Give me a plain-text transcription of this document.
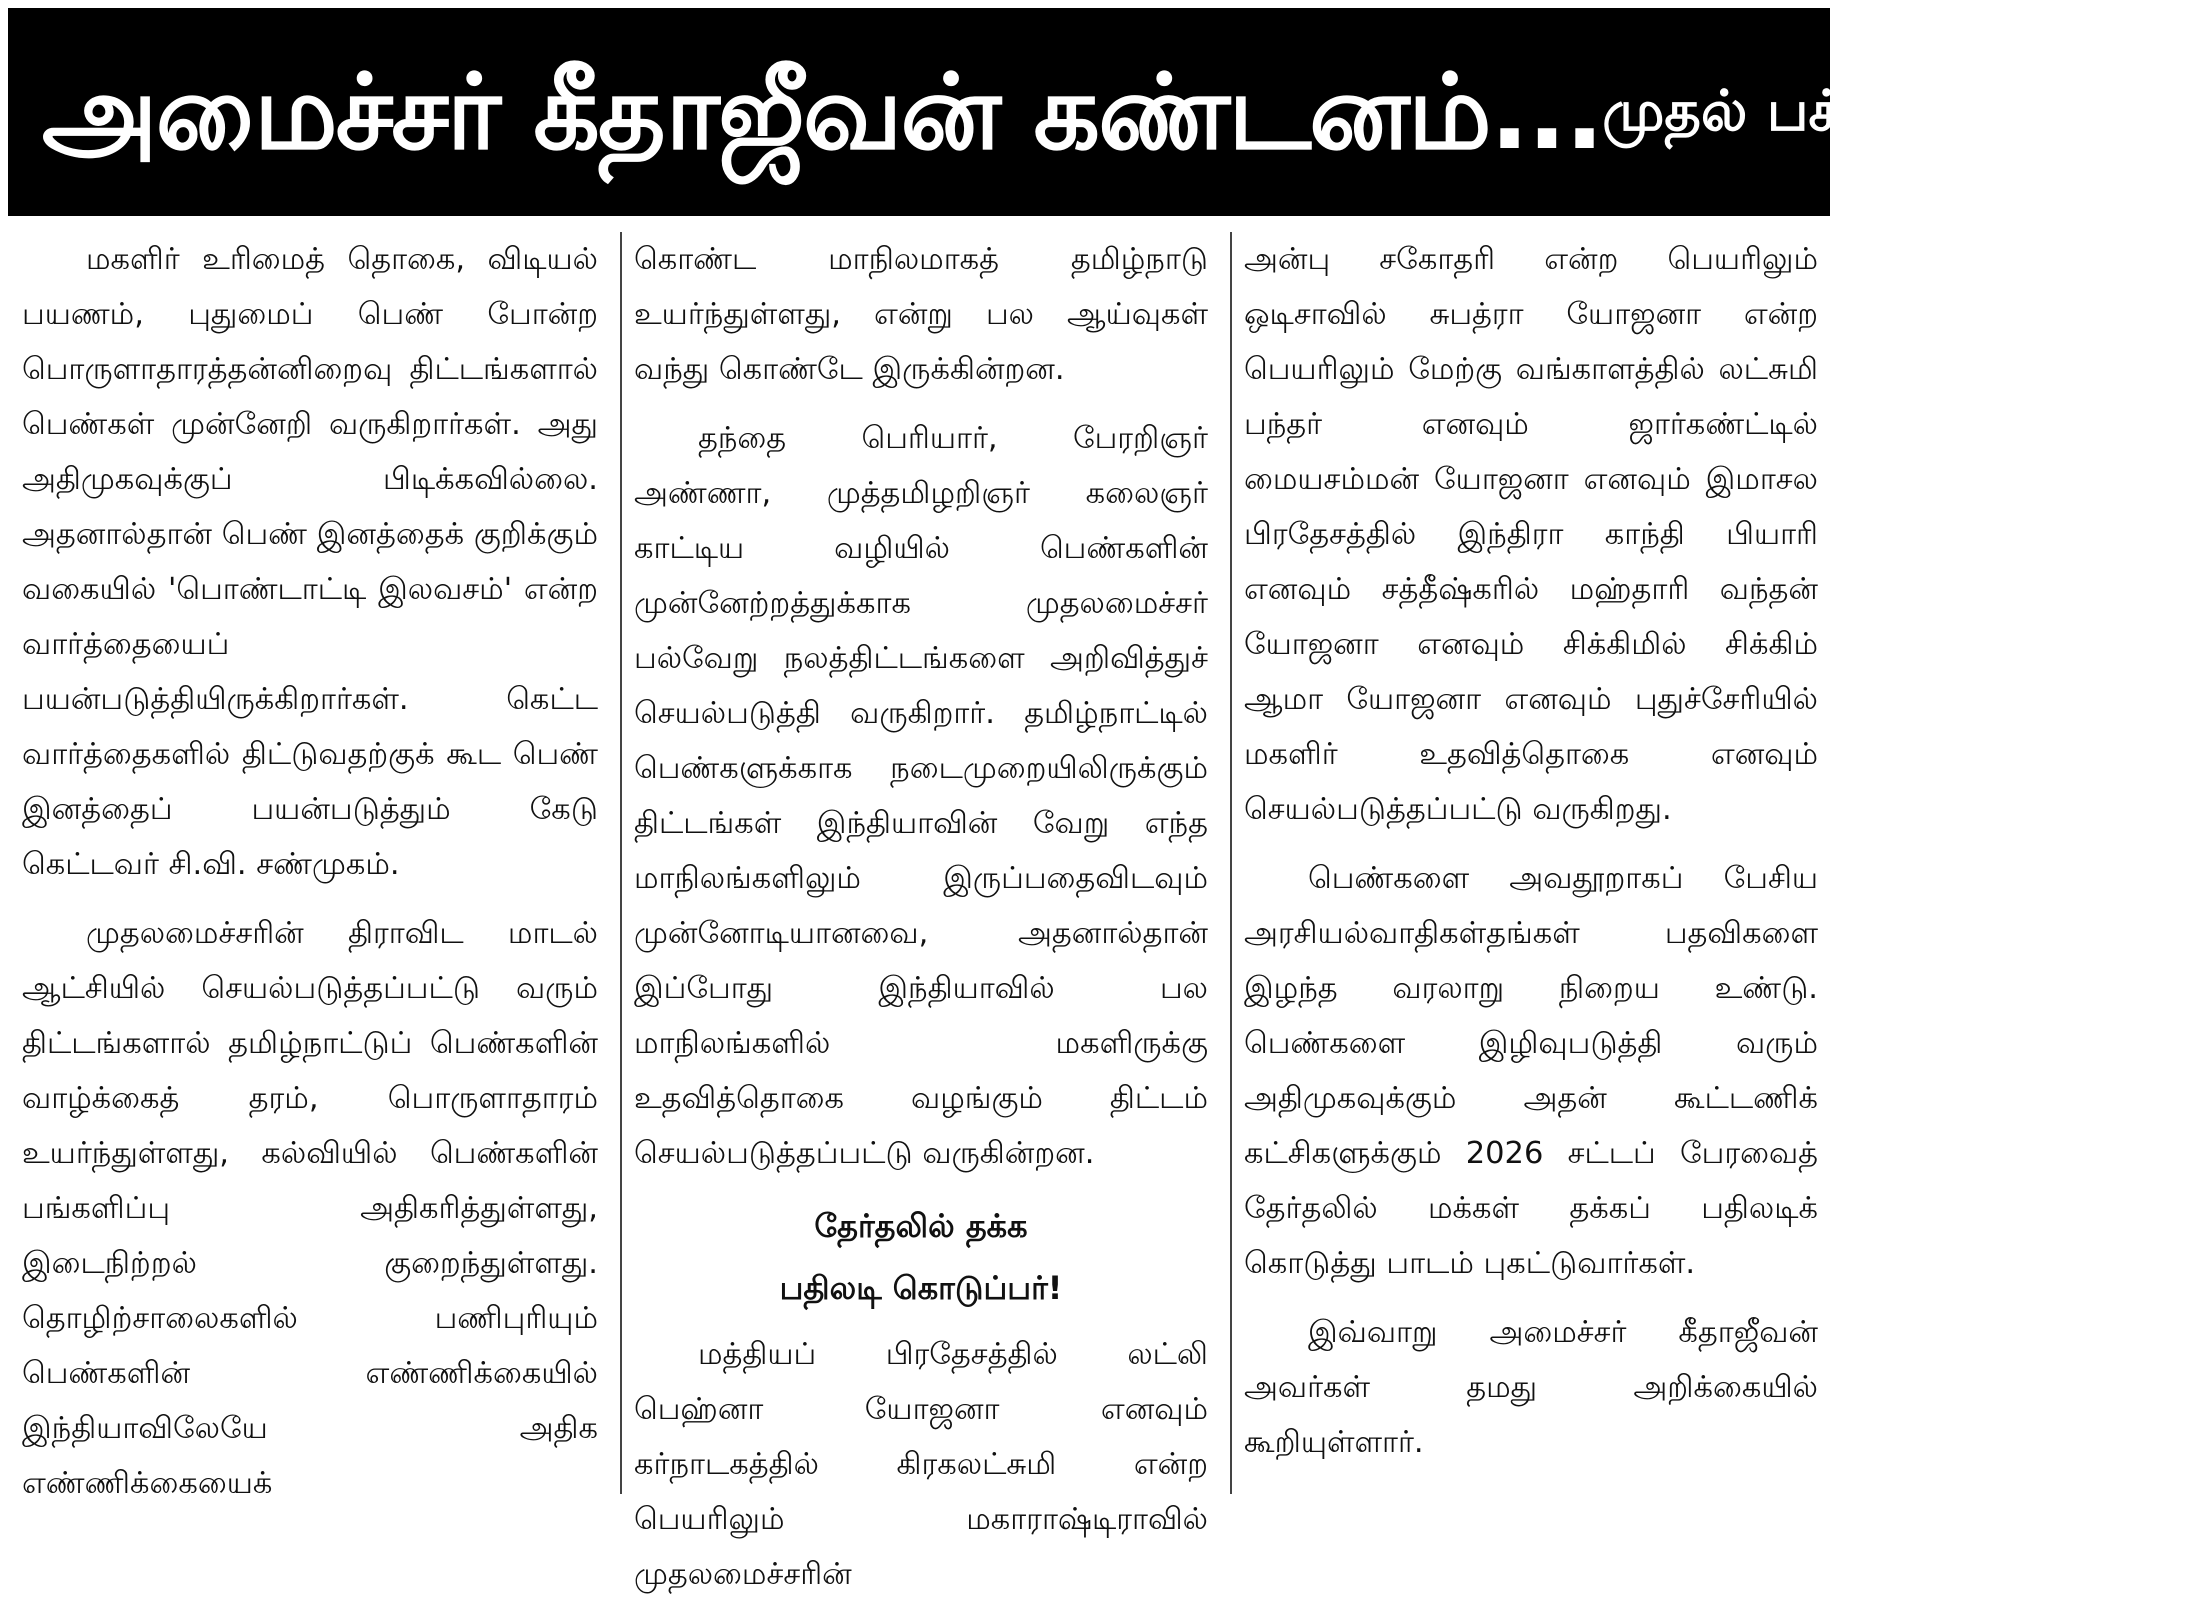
அமைச்சர் கீதாஜீவன் கண்டனம்... முதல் பக்கத் தொடர்ச்சி

மகளிர் உரிமைத் தொகை, விடியல் பயணம், புதுமைப் பெண் போன்ற பொருளாதாரத்தன்னிறைவு திட்டங்களால் பெண்கள் முன்னேறி வருகிறார்கள். அது அதிமுகவுக்குப் பிடிக்கவில்லை. அதனால்தான் பெண் இனத்தைக் குறிக்கும் வகையில் 'பொண்டாட்டி இலவசம்' என்ற வார்த்தையைப் பயன்படுத்தியிருக்கிறார்கள். கெட்ட வார்த்தைகளில் திட்டுவதற்குக் கூட பெண் இனத்தைப் பயன்படுத்தும் கேடு கெட்டவர் சி.வி. சண்முகம்.

முதலமைச்சரின் திராவிட மாடல் ஆட்சியில் செயல்படுத்தப்பட்டு வரும் திட்டங்களால் தமிழ்நாட்டுப் பெண்களின் வாழ்க்கைத் தரம், பொருளாதாரம் உயர்ந்துள்ளது, கல்வியில் பெண்களின் பங்களிப்பு அதிகரித்துள்ளது, இடைநிற்றல் குறைந்துள்ளது. தொழிற்சாலைகளில் பணிபுரியும் பெண்களின் எண்ணிக்கையில் இந்தியாவிலேயே அதிக எண்ணிக்கையைக்

கொண்ட மாநிலமாகத் தமிழ்நாடு உயர்ந்துள்ளது, என்று பல ஆய்வுகள் வந்து கொண்டே இருக்கின்றன.

தந்தை பெரியார், பேரறிஞர் அண்ணா, முத்தமிழறிஞர் கலைஞர் காட்டிய வழியில் பெண்களின் முன்னேற்றத்துக்காக முதலமைச்சர் பல்வேறு நலத்திட்டங்களை அறிவித்துச் செயல்படுத்தி வருகிறார். தமிழ்நாட்டில் பெண்களுக்காக நடைமுறையிலிருக்கும் திட்டங்கள் இந்தியாவின் வேறு எந்த மாநிலங்களிலும் இருப்பதைவிடவும் முன்னோடியானவை, அதனால்தான் இப்போது இந்தியாவில் பல மாநிலங்களில் மகளிருக்கு உதவித்தொகை வழங்கும் திட்டம் செயல்படுத்தப்பட்டு வருகின்றன.

தேர்தலில் தக்க
பதிலடி கொடுப்பர்!

மத்தியப் பிரதேசத்தில் லட்லி பெஹ்னா யோஜனா எனவும் கர்நாடகத்தில் கிரகலட்சுமி என்ற பெயரிலும் மகாராஷ்டிராவில் முதலமைச்சரின்

அன்பு சகோதரி என்ற பெயரிலும் ஒடிசாவில் சுபத்ரா யோஜனா என்ற பெயரிலும் மேற்கு வங்காளத்தில் லட்சுமி பந்தர் எனவும் ஜார்கண்ட்டில் மையசம்மன் யோஜனா எனவும் இமாசல பிரதேசத்தில் இந்திரா காந்தி பியாரி எனவும் சத்தீஷ்கரில் மஹ்தாரி வந்தன் யோஜனா எனவும் சிக்கிமில் சிக்கிம் ஆமா யோஜனா எனவும் புதுச்சேரியில் மகளிர் உதவித்தொகை எனவும் செயல்படுத்தப்பட்டு வருகிறது.

பெண்களை அவதூறாகப் பேசிய அரசியல்வாதிகள்தங்கள் பதவிகளை இழந்த வரலாறு நிறைய உண்டு. பெண்களை இழிவுபடுத்தி வரும் அதிமுகவுக்கும் அதன் கூட்டணிக் கட்சிகளுக்கும் 2026 சட்டப் பேரவைத் தேர்தலில் மக்கள் தக்கப் பதிலடிக் கொடுத்து பாடம் புகட்டுவார்கள்.

இவ்வாறு அமைச்சர் கீதாஜீவன் அவர்கள் தமது அறிக்கையில் கூறியுள்ளார்.
